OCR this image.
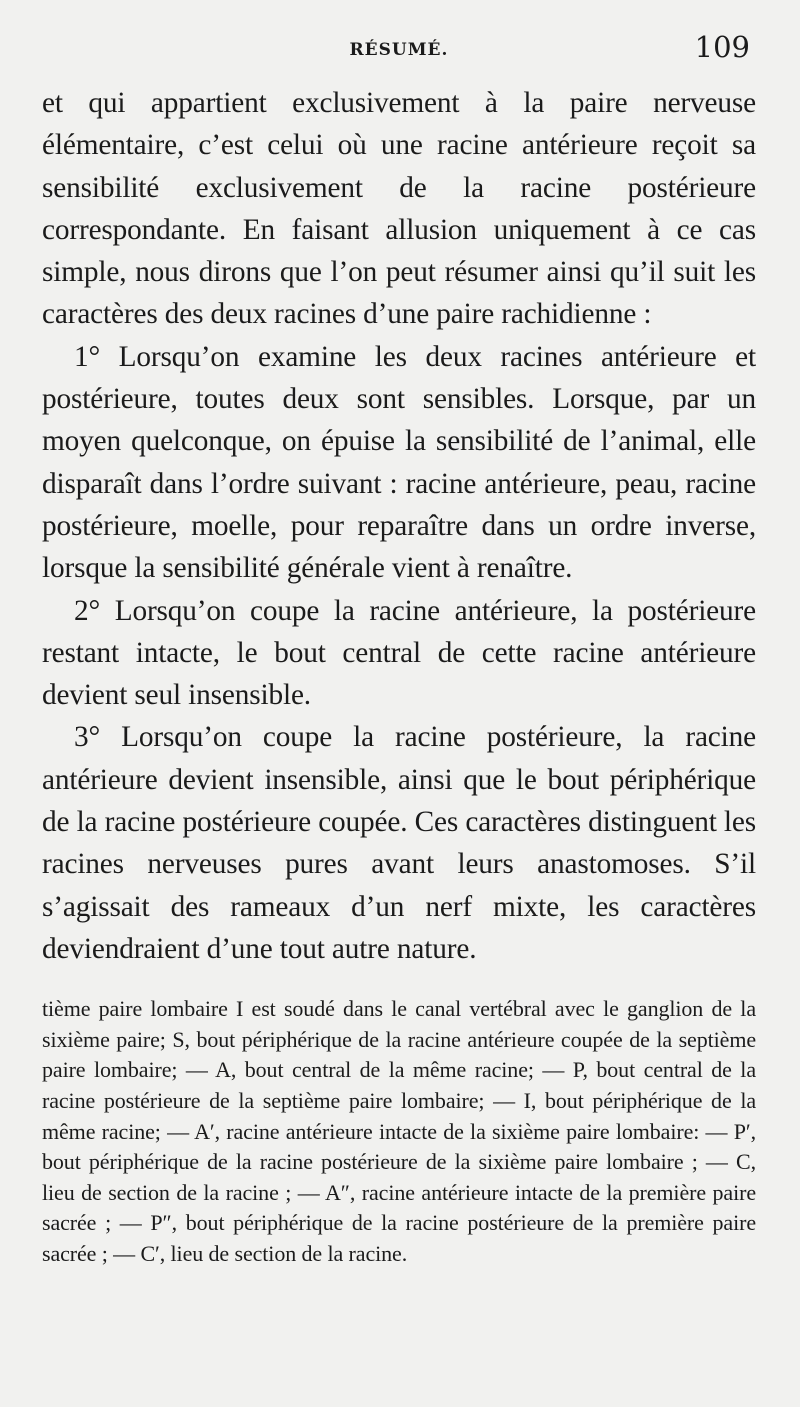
RÉSUMÉ.	109

et qui appartient exclusivement à la paire nerveuse élémentaire, c’est celui où une racine antérieure reçoit sa sensibilité exclusivement de la racine postérieure correspondante. En faisant allusion uniquement à ce cas simple, nous dirons que l’on peut résumer ainsi qu’il suit les caractères des deux racines d’une paire rachidienne :

1° Lorsqu’on examine les deux racines antérieure et postérieure, toutes deux sont sensibles. Lorsque, par un moyen quelconque, on épuise la sensibilité de l’animal, elle disparaît dans l’ordre suivant : racine antérieure, peau, racine postérieure, moelle, pour reparaître dans un ordre inverse, lorsque la sensibilité générale vient à renaître.

2° Lorsqu’on coupe la racine antérieure, la postérieure restant intacte, le bout central de cette racine antérieure devient seul insensible.

3° Lorsqu’on coupe la racine postérieure, la racine antérieure devient insensible, ainsi que le bout périphérique de la racine postérieure coupée. Ces caractères distinguent les racines nerveuses pures avant leurs anastomoses. S’il s’agissait des rameaux d’un nerf mixte, les caractères deviendraient d’une tout autre nature.

tième paire lombaire I est soudé dans le canal vertébral avec le ganglion de la sixième paire; S, bout périphérique de la racine antérieure coupée de la septième paire lombaire; — A, bout central de la même racine; — P, bout central de la racine postérieure de la septième paire lombaire; — I, bout périphérique de la même racine; — A′, racine antérieure intacte de la sixième paire lombaire: — P′, bout périphérique de la racine postérieure de la sixième paire lombaire ; — C, lieu de section de la racine ; — A″, racine antérieure intacte de la première paire sacrée ; — P″, bout périphérique de la racine postérieure de la première paire sacrée ; — C′, lieu de section de la racine.
